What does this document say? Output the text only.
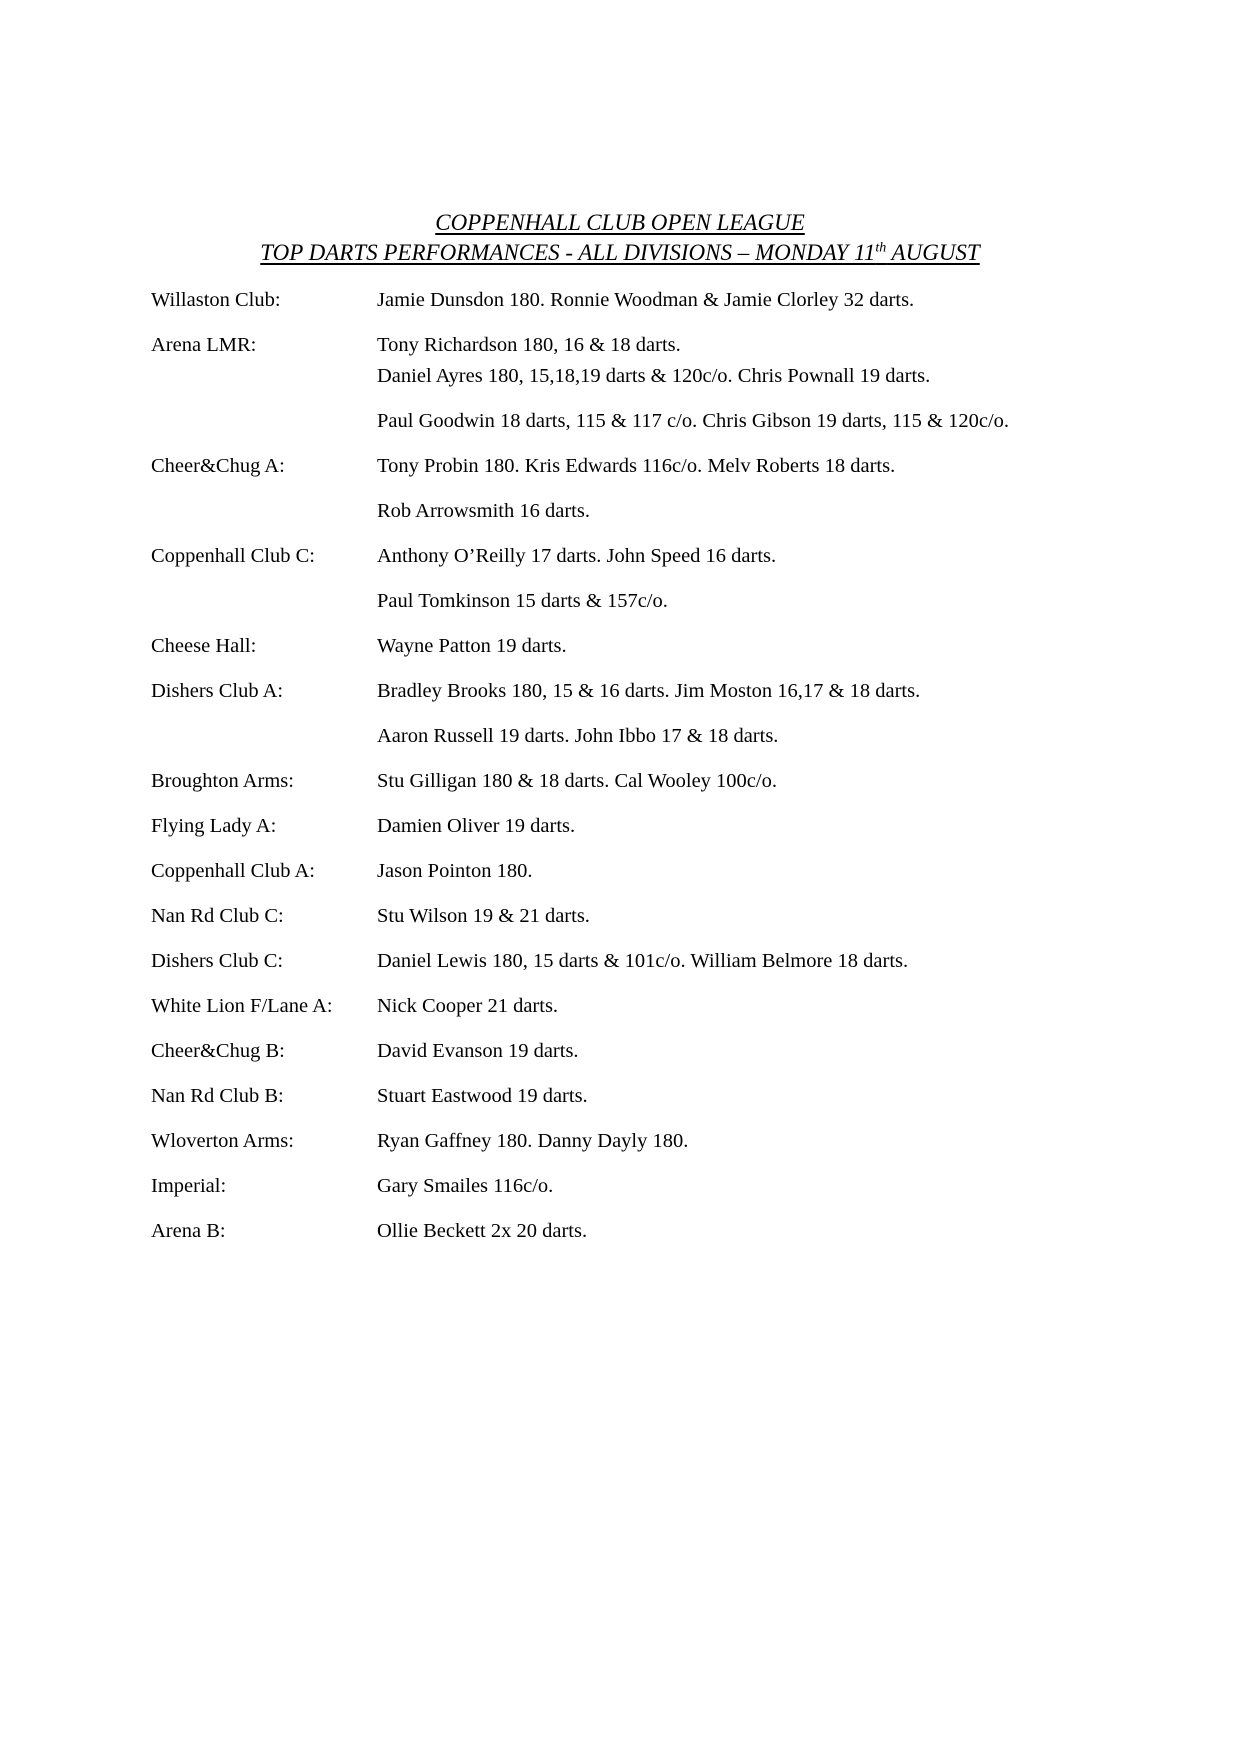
COPPENHALL CLUB OPEN LEAGUE
TOP DARTS PERFORMANCES - ALL DIVISIONS – MONDAY 11th AUGUST
Willaston Club:	Jamie Dunsdon 180. Ronnie Woodman & Jamie Clorley 32 darts.
Arena LMR:	Tony Richardson 180, 16 & 18 darts.
Daniel Ayres 180, 15,18,19 darts & 120c/o. Chris Pownall 19 darts.
Paul Goodwin 18 darts, 115 & 117 c/o. Chris Gibson 19 darts, 115 & 120c/o.
Cheer&Chug A:	Tony Probin 180. Kris Edwards 116c/o. Melv Roberts 18 darts.
Rob Arrowsmith 16 darts.
Coppenhall Club C:	Anthony O’Reilly 17 darts. John Speed 16 darts.
Paul Tomkinson 15 darts & 157c/o.
Cheese Hall:	Wayne Patton 19 darts.
Dishers Club A:	Bradley Brooks 180, 15 & 16 darts. Jim Moston 16,17 & 18 darts.
Aaron Russell 19 darts. John Ibbo 17 & 18 darts.
Broughton Arms:	Stu Gilligan 180 & 18 darts. Cal Wooley 100c/o.
Flying Lady A:	Damien Oliver 19 darts.
Coppenhall Club A:	Jason Pointon 180.
Nan Rd Club C:	Stu Wilson 19 & 21 darts.
Dishers Club C:	Daniel Lewis 180, 15 darts & 101c/o. William Belmore 18 darts.
White Lion F/Lane A:	Nick Cooper 21 darts.
Cheer&Chug B:	David Evanson 19 darts.
Nan Rd Club B:	Stuart Eastwood 19 darts.
Wloverton Arms:	Ryan Gaffney 180. Danny Dayly 180.
Imperial:	Gary Smailes 116c/o.
Arena B:	Ollie Beckett 2x 20 darts.
